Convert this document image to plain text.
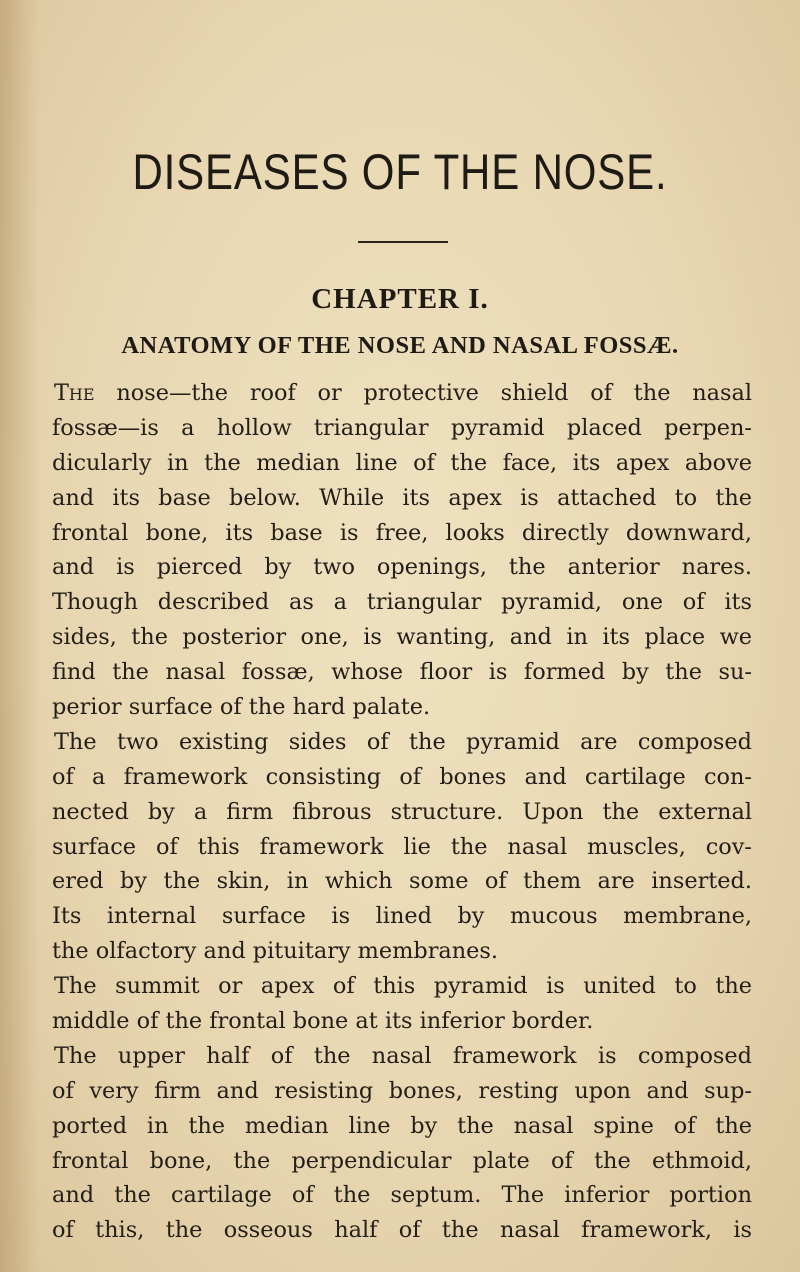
DISEASES OF THE NOSE.
CHAPTER I.
ANATOMY OF THE NOSE AND NASAL FOSSÆ.
The nose—the roof or protective shield of the nasal
fossæ—is a hollow triangular pyramid placed perpen-
dicularly in the median line of the face, its apex above
and its base below. While its apex is attached to the
frontal bone, its base is free, looks directly downward,
and is pierced by two openings, the anterior nares.
Though described as a triangular pyramid, one of its
sides, the posterior one, is wanting, and in its place we
find the nasal fossæ, whose floor is formed by the su-
perior surface of the hard palate.
The two existing sides of the pyramid are composed
of a framework consisting of bones and cartilage con-
nected by a firm fibrous structure. Upon the external
surface of this framework lie the nasal muscles, cov-
ered by the skin, in which some of them are inserted.
Its internal surface is lined by mucous membrane,
the olfactory and pituitary membranes.
The summit or apex of this pyramid is united to the
middle of the frontal bone at its inferior border.
The upper half of the nasal framework is composed
of very firm and resisting bones, resting upon and sup-
ported in the median line by the nasal spine of the
frontal bone, the perpendicular plate of the ethmoid,
and the cartilage of the septum. The inferior portion
of this, the osseous half of the nasal framework, is
